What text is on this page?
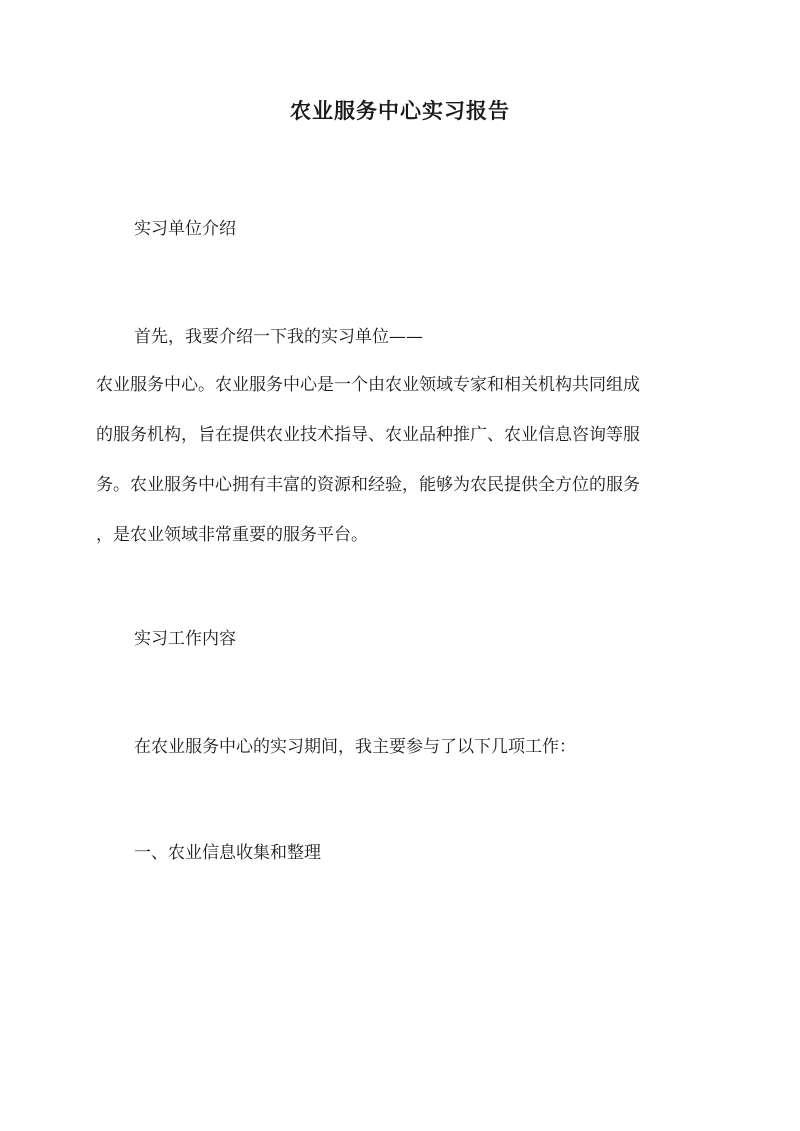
农业服务中心实习报告
实习单位介绍
首先，我要介绍一下我的实习单位——
农业服务中心。农业服务中心是一个由农业领域专家和相关机构共同组成
的服务机构，旨在提供农业技术指导、农业品种推广、农业信息咨询等服
务。农业服务中心拥有丰富的资源和经验，能够为农民提供全方位的服务
，是农业领域非常重要的服务平台。
实习工作内容
在农业服务中心的实习期间，我主要参与了以下几项工作：
一、农业信息收集和整理
